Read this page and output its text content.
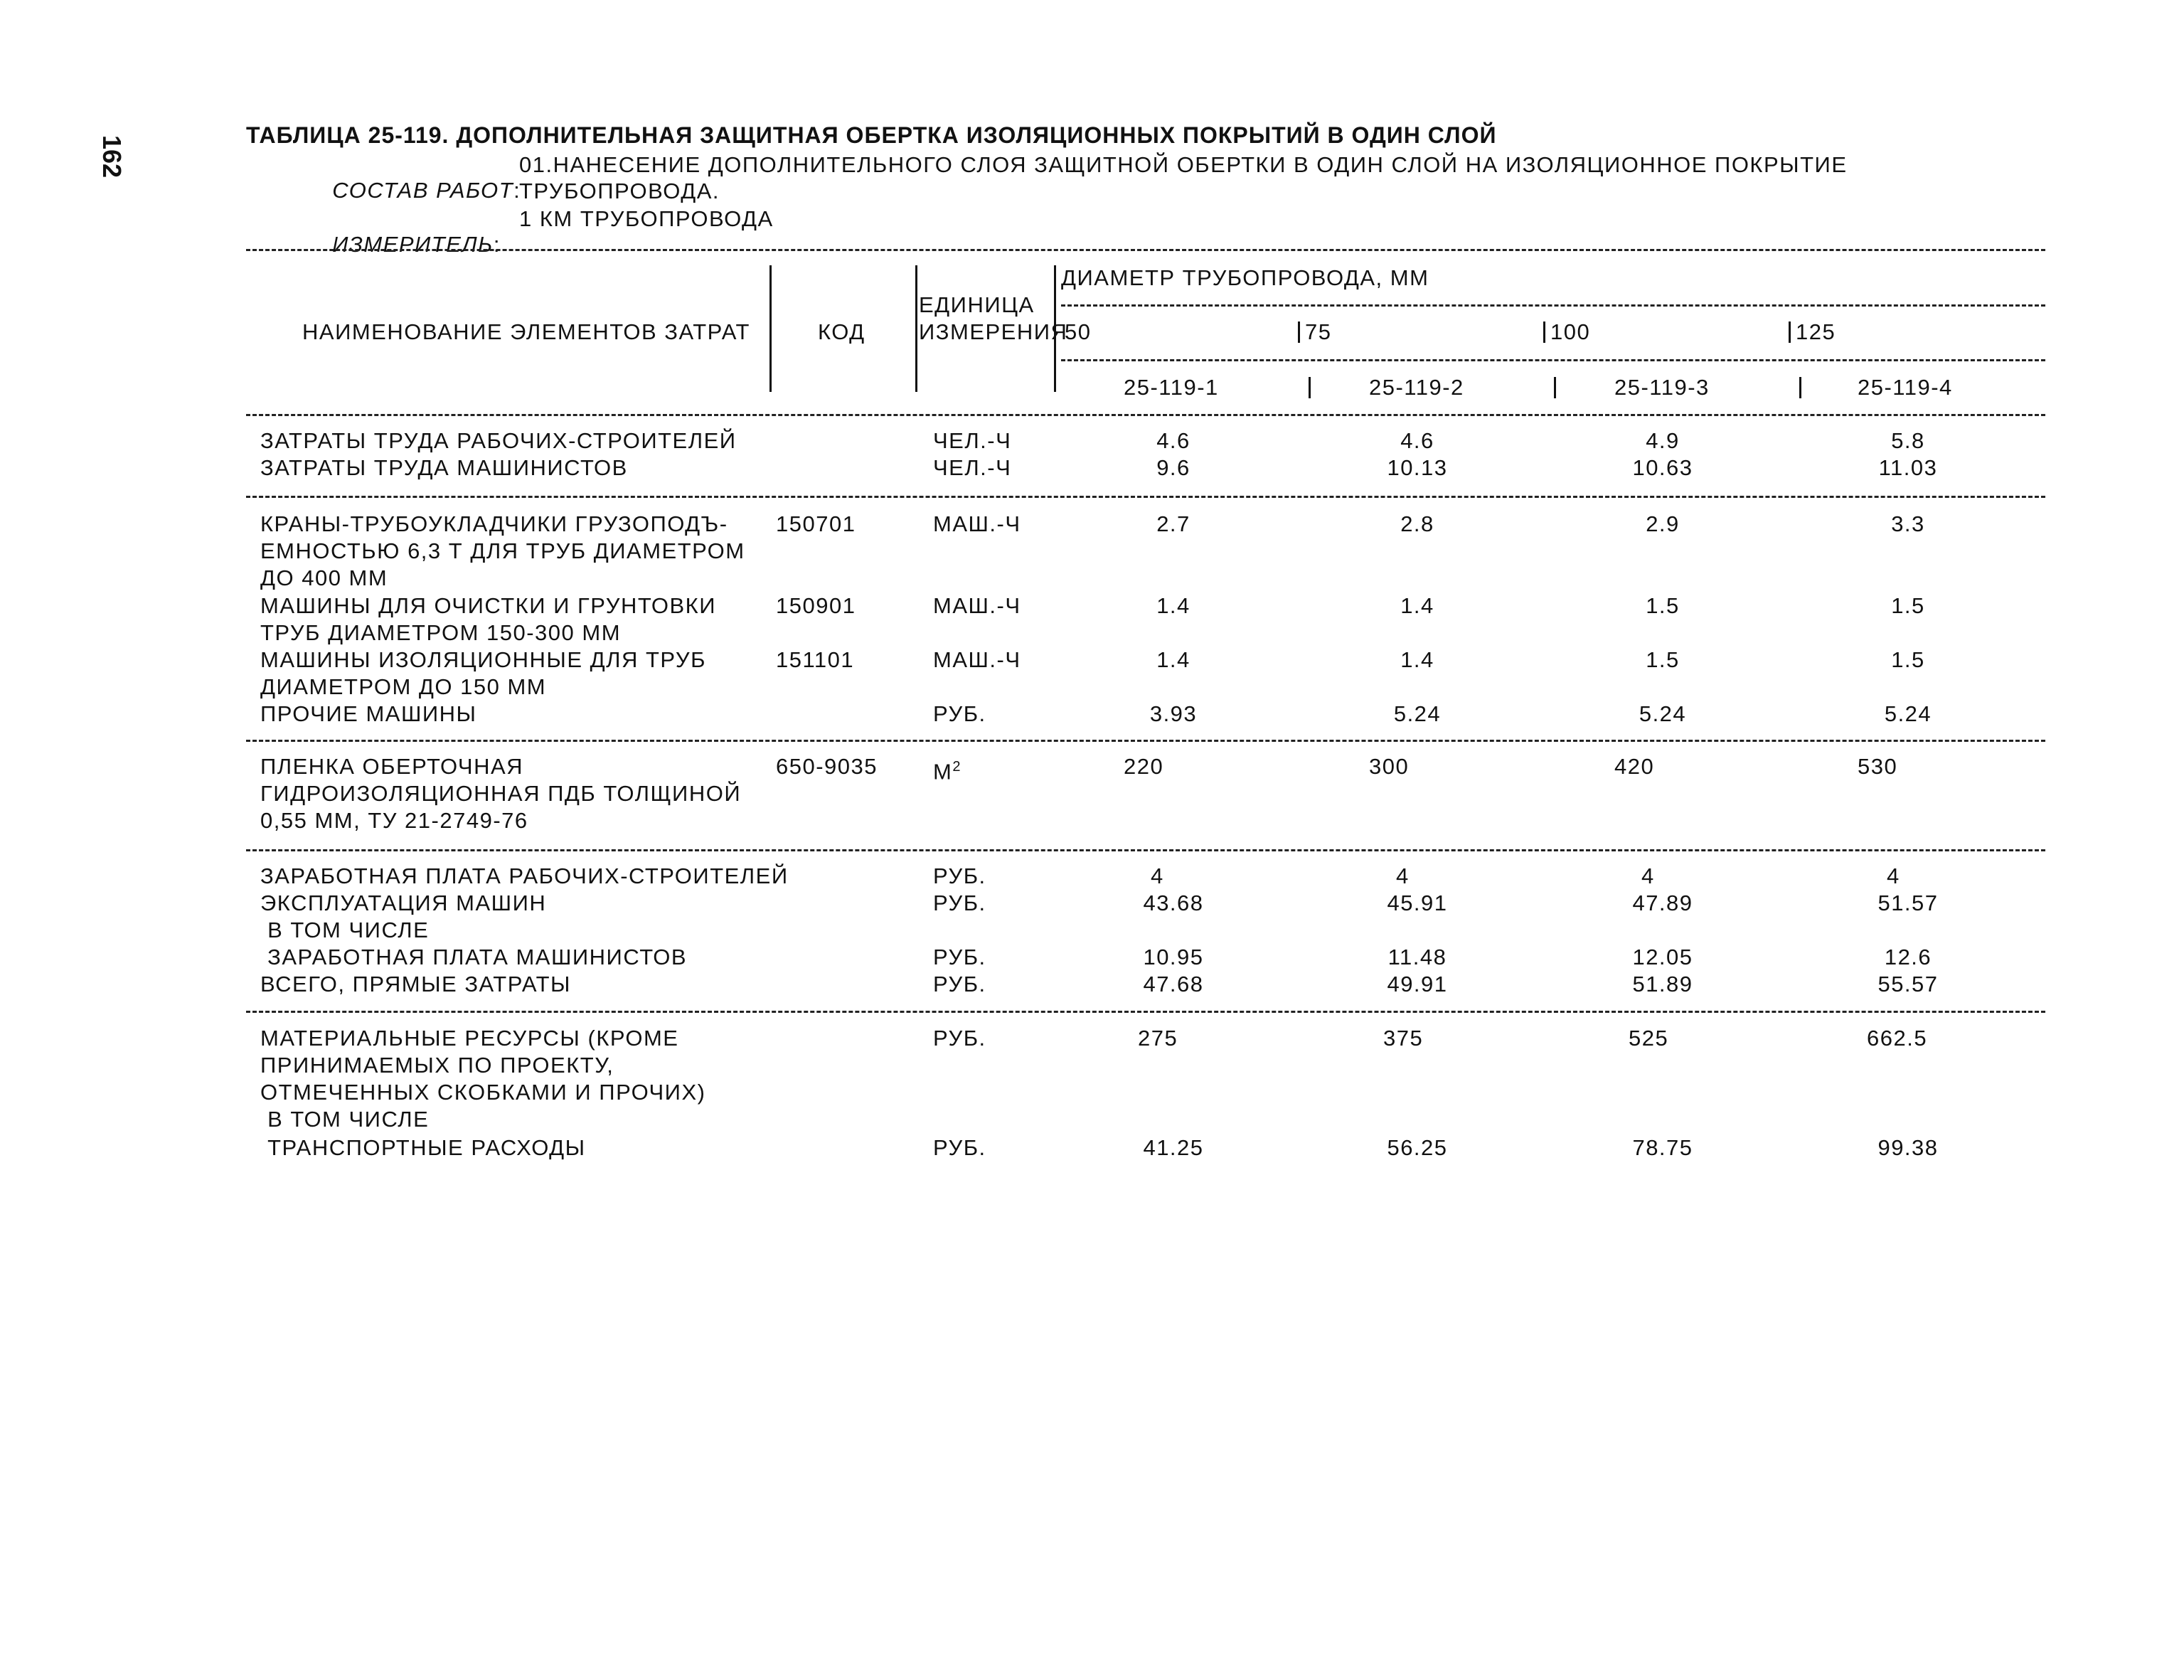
162	ТАБЛИЦА 25-119. ДОПОЛНИТЕЛЬНАЯ ЗАЩИТНАЯ ОБЕРТКА ИЗОЛЯЦИОННЫХ ПОКРЫТИЙ В ОДИН СЛОЙ

СОСТАВ РАБОТ:

01.НАНЕСЕНИЕ ДОПОЛНИТЕЛЬНОГО СЛОЯ ЗАЩИТНОЙ ОБЕРТКИ В ОДИН СЛОЙ НА ИЗОЛЯЦИОННОЕ ПОКРЫТИЕ
ТРУБОПРОВОДА.

ИЗМЕРИТЕЛЬ:

1 КМ ТРУБОПРОВОДА
ДИАМЕТР ТРУБОПРОВОДА, ММ
НАИМЕНОВАНИЕ ЭЛЕМЕНТОВ ЗАТРАТ	КОД
ЕДИНИЦА
ИЗМЕРЕНИЯ
50	75	100	125
25-119-1	25-119-2	25-119-3	25-119-4
ЗАТРАТЫ ТРУДА РАБОЧИХ-СТРОИТЕЛЕЙ	ЧЕЛ.-Ч	4.6	4.6	4.9	5.8
ЗАТРАТЫ ТРУДА МАШИНИСТОВ	ЧЕЛ.-Ч	9.6	10.13	10.63	11.03
КРАНЫ-ТРУБОУКЛАДЧИКИ ГРУЗОПОДЪ-
ЕМНОСТЬЮ 6,3 Т ДЛЯ ТРУБ ДИАМЕТРОМ
ДО 400 ММ
150701	МАШ.-Ч	2.7	2.8	2.9	3.3
МАШИНЫ ДЛЯ ОЧИСТКИ И ГРУНТОВКИ
ТРУБ ДИАМЕТРОМ 150-300 ММ
150901	МАШ.-Ч	1.4	1.4	1.5	1.5
МАШИНЫ ИЗОЛЯЦИОННЫЕ ДЛЯ ТРУБ
ДИАМЕТРОМ ДО 150 ММ
151101	МАШ.-Ч	1.4	1.4	1.5	1.5
ПРОЧИЕ МАШИНЫ	РУБ.	3.93	5.24	5.24	5.24
ПЛЕНКА ОБЕРТОЧНАЯ
ГИДРОИЗОЛЯЦИОННАЯ ПДБ ТОЛЩИНОЙ
0,55 ММ, ТУ 21-2749-76
650-9035	$М^2$	220	300	420	530
ЗАРАБОТНАЯ ПЛАТА РАБОЧИХ-СТРОИТЕЛЕЙ	РУБ.	4	4	4	4
ЭКСПЛУАТАЦИЯ МАШИН	РУБ.	43.68	45.91	47.89	51.57
В ТОМ ЧИСЛЕ
ЗАРАБОТНАЯ ПЛАТА МАШИНИСТОВ	РУБ.	10.95	11.48	12.05	12.6
ВСЕГО, ПРЯМЫЕ ЗАТРАТЫ	РУБ.	47.68	49.91	51.89	55.57
МАТЕРИАЛЬНЫЕ РЕСУРСЫ (КРОМЕ
ПРИНИМАЕМЫХ ПО ПРОЕКТУ,
ОТМЕЧЕННЫХ СКОБКАМИ И ПРОЧИХ)
В ТОМ ЧИСЛЕ
РУБ.	275	375	525	662.5
ТРАНСПОРТНЫЕ РАСХОДЫ	РУБ.	41.25	56.25	78.75	99.38
